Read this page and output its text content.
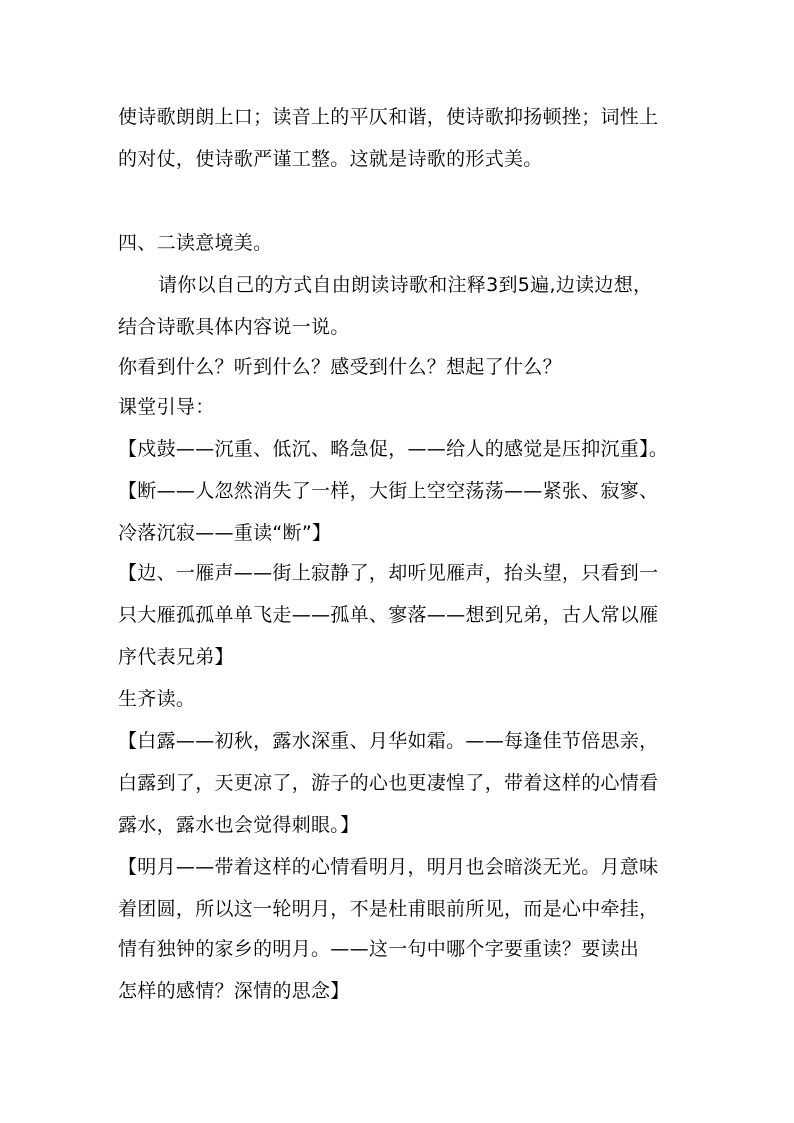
使诗歌朗朗上口；读音上的平仄和谐，使诗歌抑扬顿挫；词性上
的对仗，使诗歌严谨工整。这就是诗歌的形式美。
四、二读意境美。
请你以自己的方式自由朗读诗歌和注释3到5遍,边读边想，
结合诗歌具体内容说一说。
你看到什么？听到什么？感受到什么？想起了什么？
课堂引导：
【戍鼓——沉重、低沉、略急促，——给人的感觉是压抑沉重】。
【断——人忽然消失了一样，大街上空空荡荡——紧张、寂寥、
冷落沉寂——重读“断”】
【边、一雁声——街上寂静了，却听见雁声，抬头望，只看到一
只大雁孤孤单单飞走——孤单、寥落——想到兄弟，古人常以雁
序代表兄弟】
生齐读。
【白露——初秋，露水深重、月华如霜。——每逢佳节倍思亲，
白露到了，天更凉了，游子的心也更凄惶了，带着这样的心情看
露水，露水也会觉得刺眼。】
【明月——带着这样的心情看明月，明月也会暗淡无光。月意味
着团圆，所以这一轮明月，不是杜甫眼前所见，而是心中牵挂，
情有独钟的家乡的明月。——这一句中哪个字要重读？要读出
怎样的感情？深情的思念】
